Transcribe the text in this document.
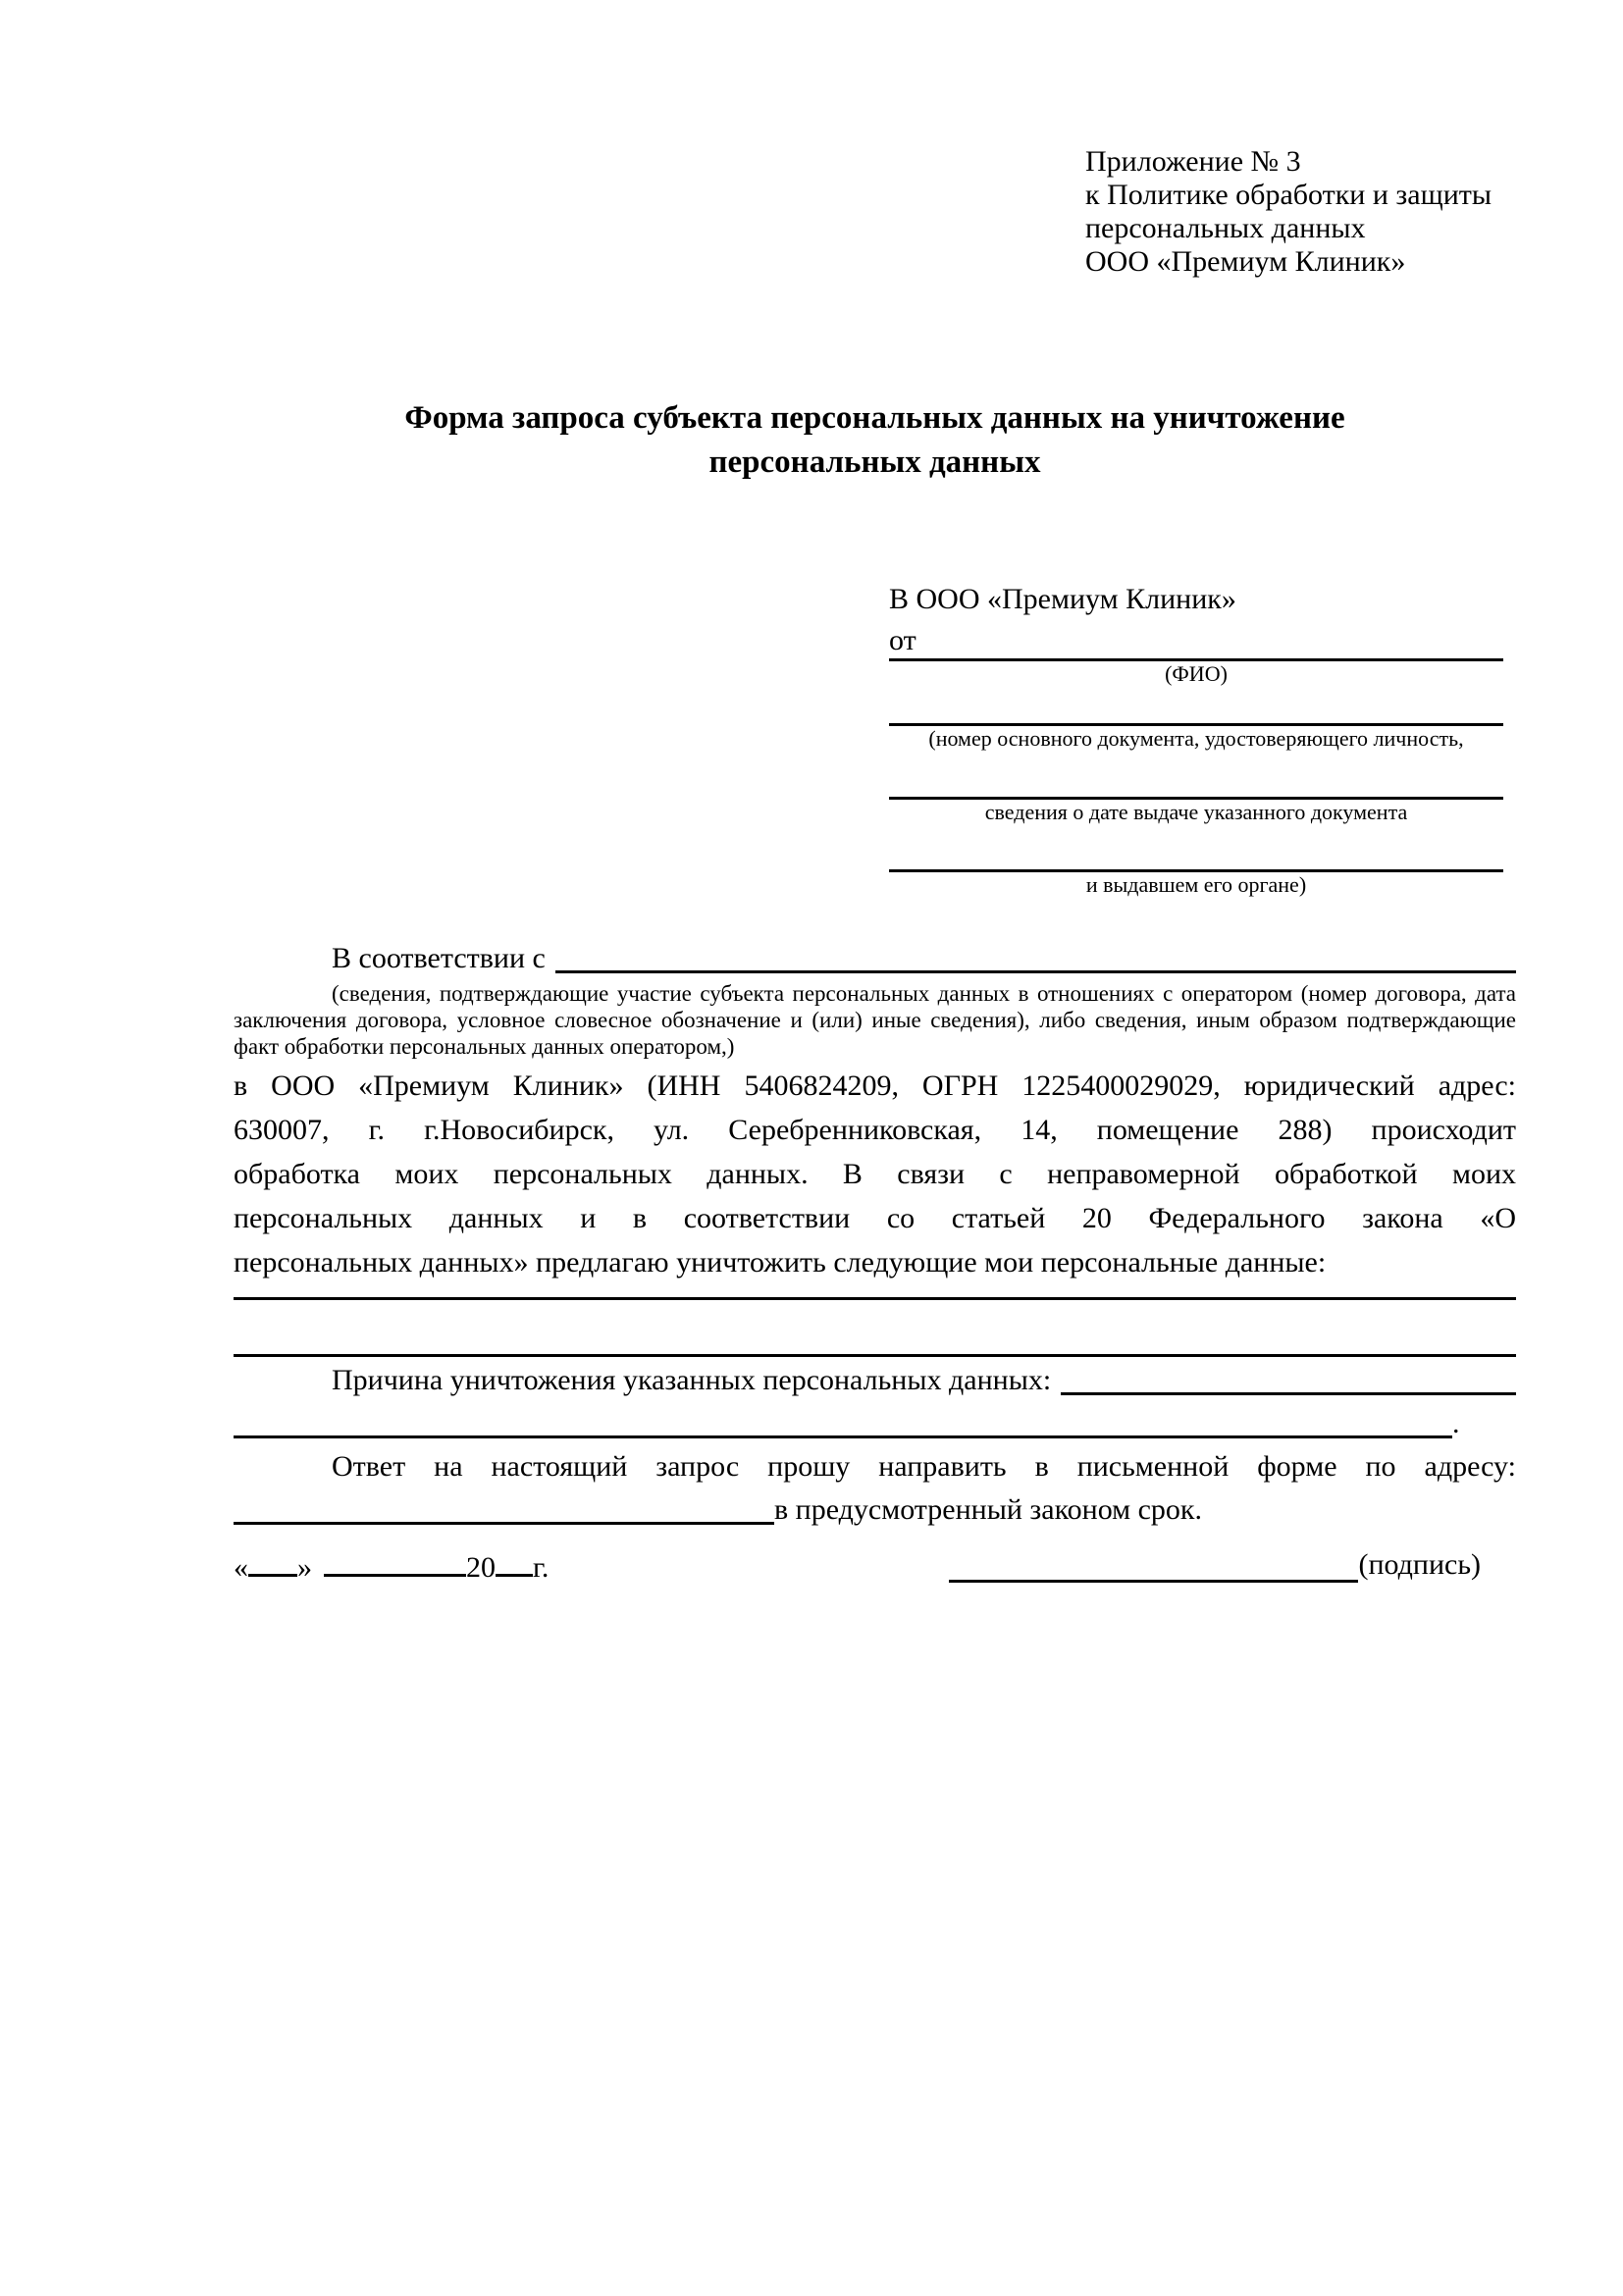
Приложение № 3
к Политике обработки и защиты
персональных данных
ООО «Премиум Клиник»
Форма запроса субъекта персональных данных на уничтожение
персональных данных
В ООО «Премиум Клиник»
от
(ФИО)
(номер основного документа, удостоверяющего личность,
сведения о дате выдаче указанного документа
и выдавшем его органе)
В соответствии с
(сведения, подтверждающие участие субъекта персональных данных в отношениях с оператором (номер договора, дата заключения договора, условное словесное обозначение и (или) иные сведения), либо сведения, иным образом подтверждающие факт обработки персональных данных оператором,)
в ООО «Премиум Клиник» (ИНН 5406824209, ОГРН 1225400029029, юридический адрес:
630007, г. г.Новосибирск, ул. Серебренниковская, 14, помещение 288) происходит
обработка моих персональных данных. В связи с неправомерной обработкой моих
персональных данных и в соответствии со статьей 20 Федерального закона «О
персональных данных» предлагаю уничтожить следующие мои персональные данные:
Причина уничтожения указанных персональных данных:
.
Ответ на настоящий запрос прошу направить в письменной форме по адресу:
в предусмотренный законом срок.
« »	20 г.	(подпись)
